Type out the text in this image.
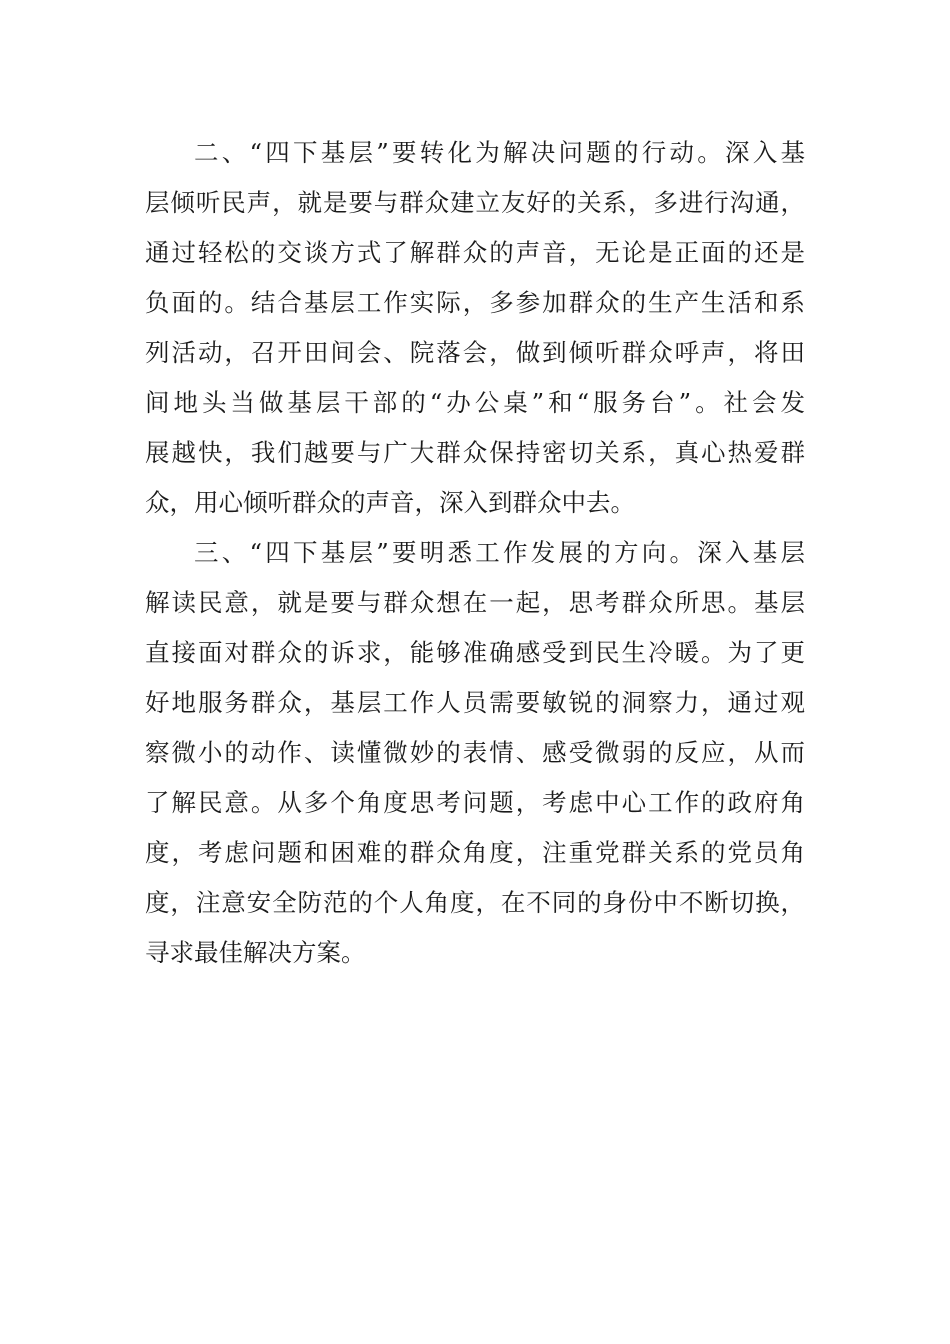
二、“四下基层”要转化为解决问题的行动。深入基
层倾听民声，就是要与群众建立友好的关系，多进行沟通，
通过轻松的交谈方式了解群众的声音，无论是正面的还是
负面的。结合基层工作实际，多参加群众的生产生活和系
列活动，召开田间会、院落会，做到倾听群众呼声，将田
间地头当做基层干部的“办公桌”和“服务台”。社会发
展越快，我们越要与广大群众保持密切关系，真心热爱群
众，用心倾听群众的声音，深入到群众中去。

三、“四下基层”要明悉工作发展的方向。深入基层
解读民意，就是要与群众想在一起，思考群众所思。基层
直接面对群众的诉求，能够准确感受到民生冷暖。为了更
好地服务群众，基层工作人员需要敏锐的洞察力，通过观
察微小的动作、读懂微妙的表情、感受微弱的反应，从而
了解民意。从多个角度思考问题，考虑中心工作的政府角
度，考虑问题和困难的群众角度，注重党群关系的党员角
度，注意安全防范的个人角度，在不同的身份中不断切换，
寻求最佳解决方案。
